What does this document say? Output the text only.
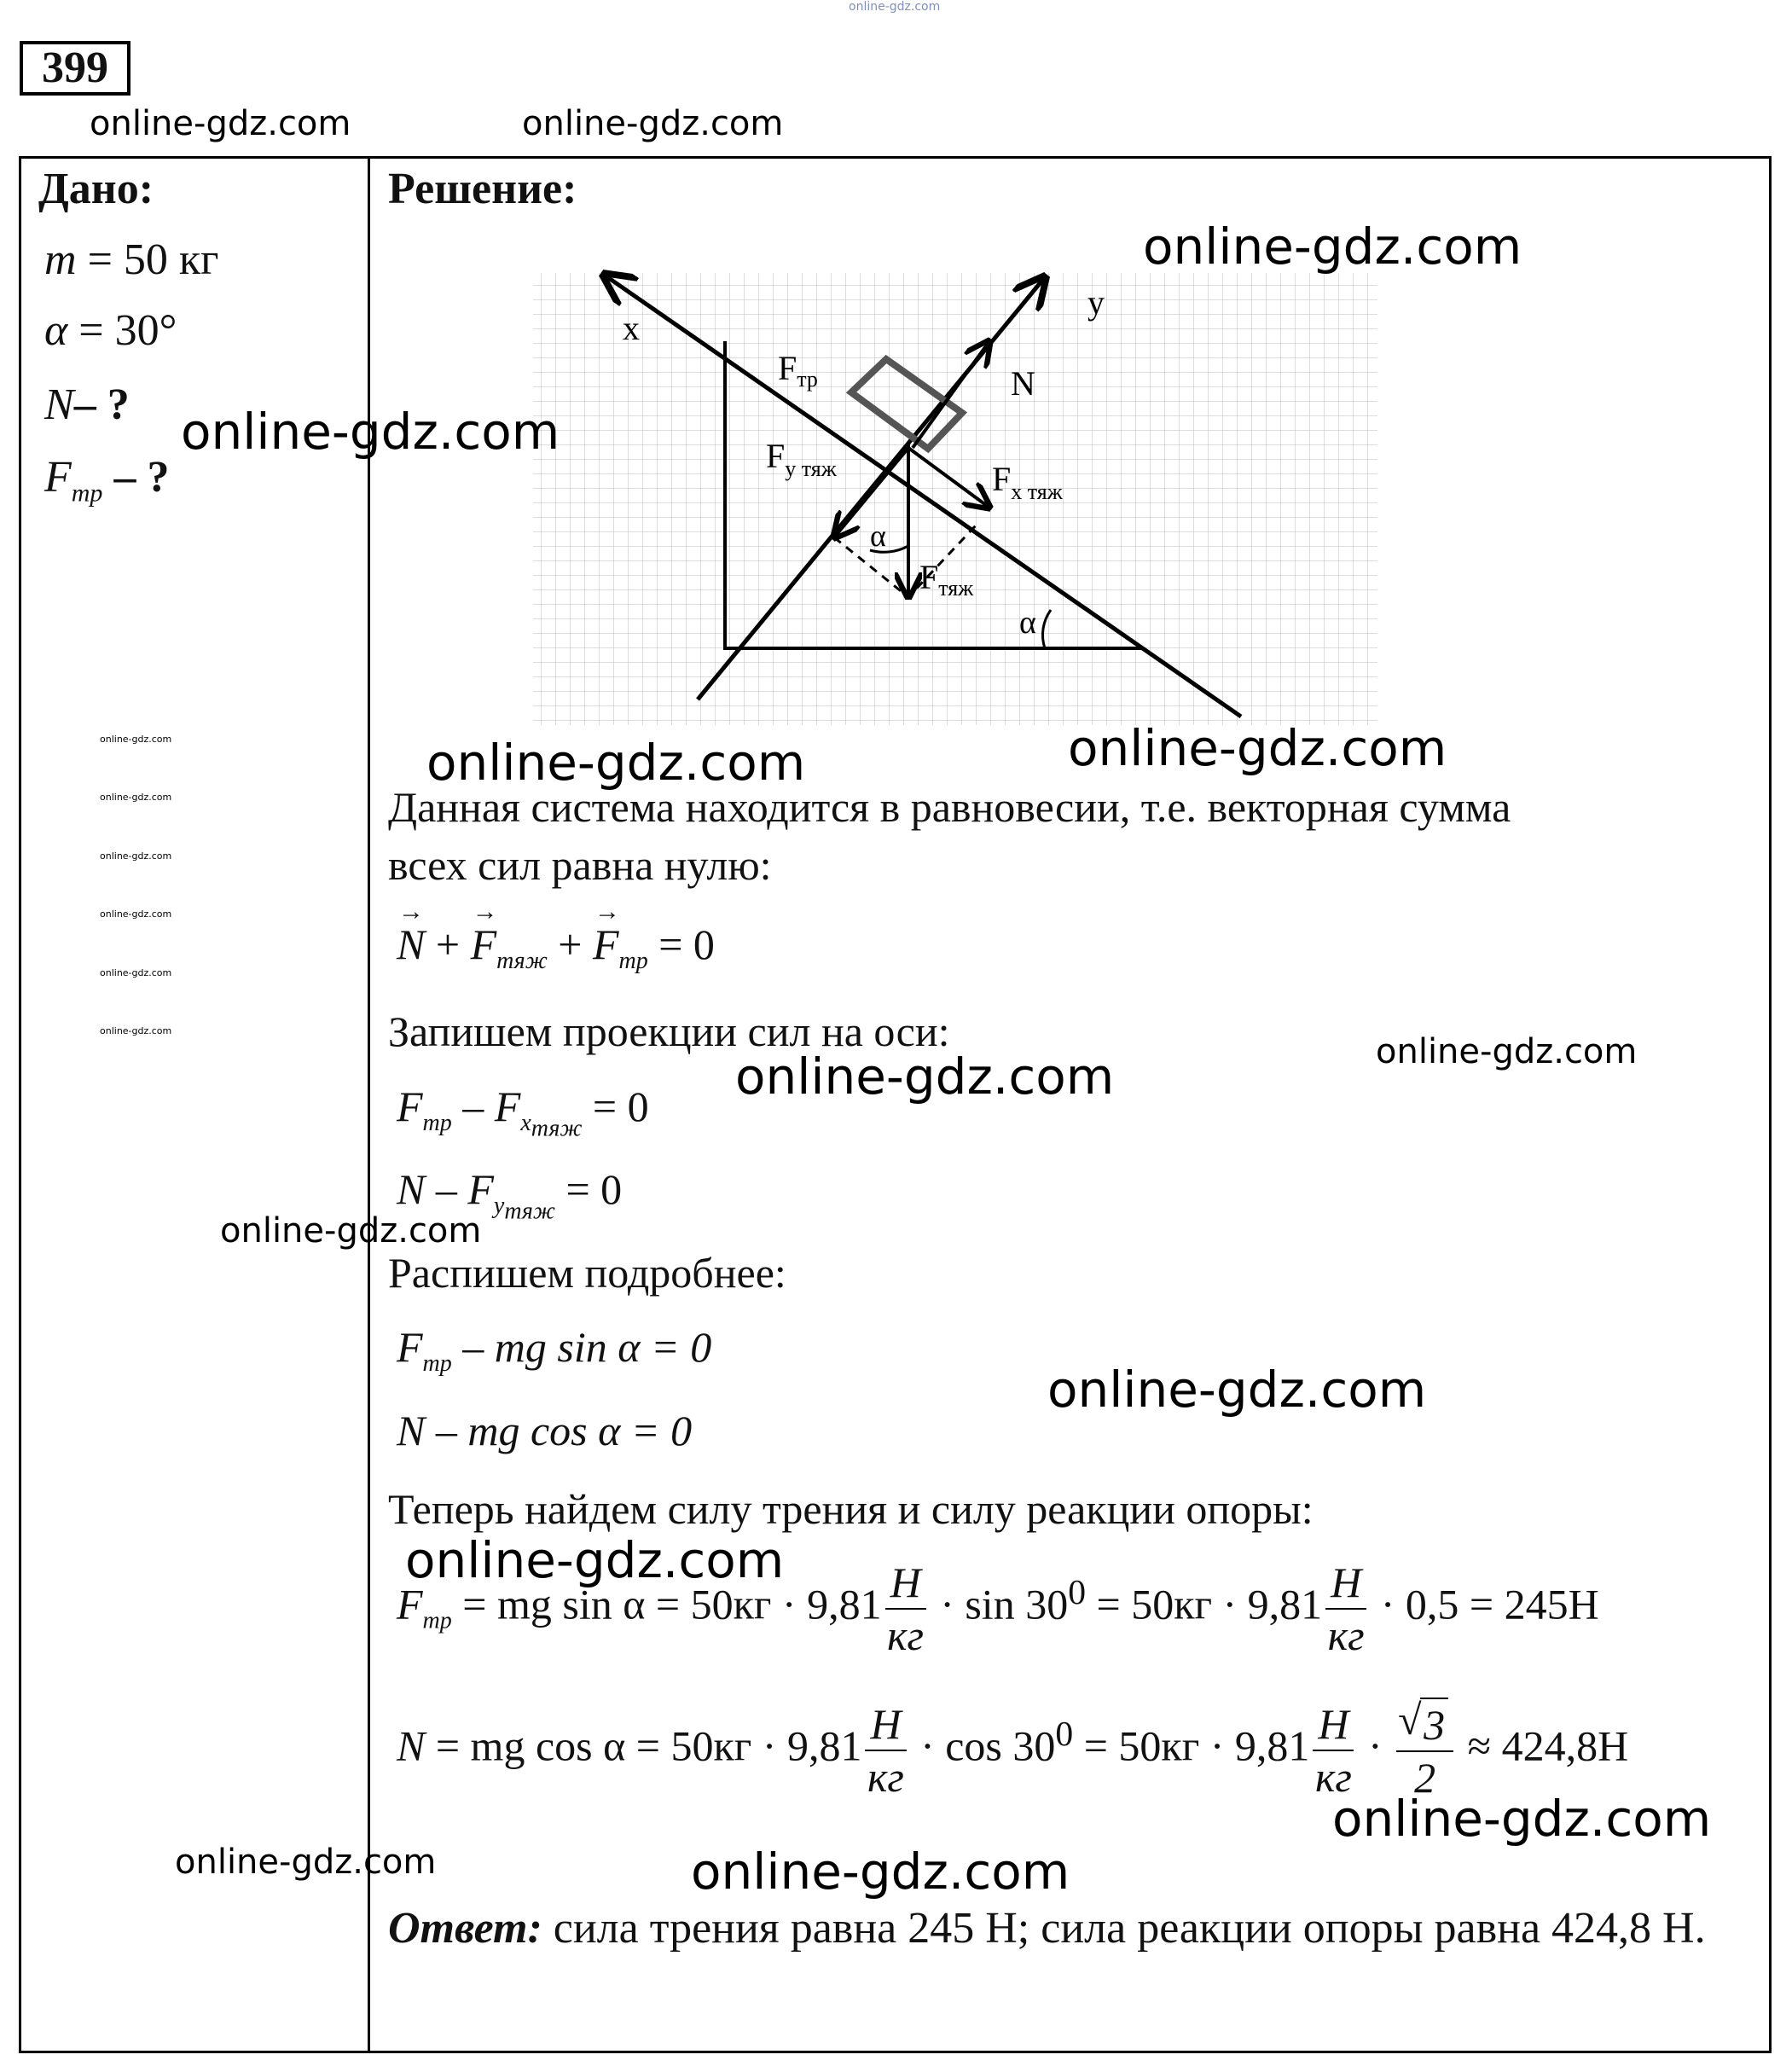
399
online-gdz.com
online-gdz.com	online-gdz.com
Дано:
m = 50 кг
α = 30°
N– ?
$F_{тр}$ – ?
online-gdz.com
online-gdz.com
online-gdz.com
online-gdz.com
online-gdz.com
online-gdz.com
Решение:
x
y
$F_{тр}$	N
$F_{y тяж}$	$F_{x тяж}$
α
$F_{тяж}$
α
online-gdz.com
online-gdz.com
online-gdz.com	online-gdz.com
online-gdz.com	online-gdz.com
online-gdz.com
online-gdz.com
online-gdz.com
online-gdz.com
online-gdz.com
online-gdz.com
Данная система находится в равновесии, т.е. векторная сумма
всех сил равна нулю:
→ N + → $F_{тяж}$ + → $F_{тр} = 0$
Запишем проекции сил на оси:
$F_{тр} - F_{x_{тяж}} = 0$
$N - F_{y_{тяж}} = 0$
Распишем подробнее:
$F_{тр}$ – mg sin α = 0
N – mg cos α = 0
Теперь найдем силу трения и силу реакции опоры:
$F_{тр}$ = mg $\sin \alpha = 50кг \cdot 9,81 \frac{Н}{кг} \cdot \sin 30^0 = 50кг \cdot 9,81 \frac{Н}{кг} \cdot 0,5 = 245Н$
N = mg $\cos \alpha = 50кг \cdot 9,81 \frac{Н}{кг} \cdot \cos 30^0 = 50кг \cdot 9,81 \frac{Н}{кг}$ ·
√ $\frac{3}{2} \approx 424,8Н$
Ответ: сила трения равна 245 Н; сила реакции опоры равна 424,8 Н.
